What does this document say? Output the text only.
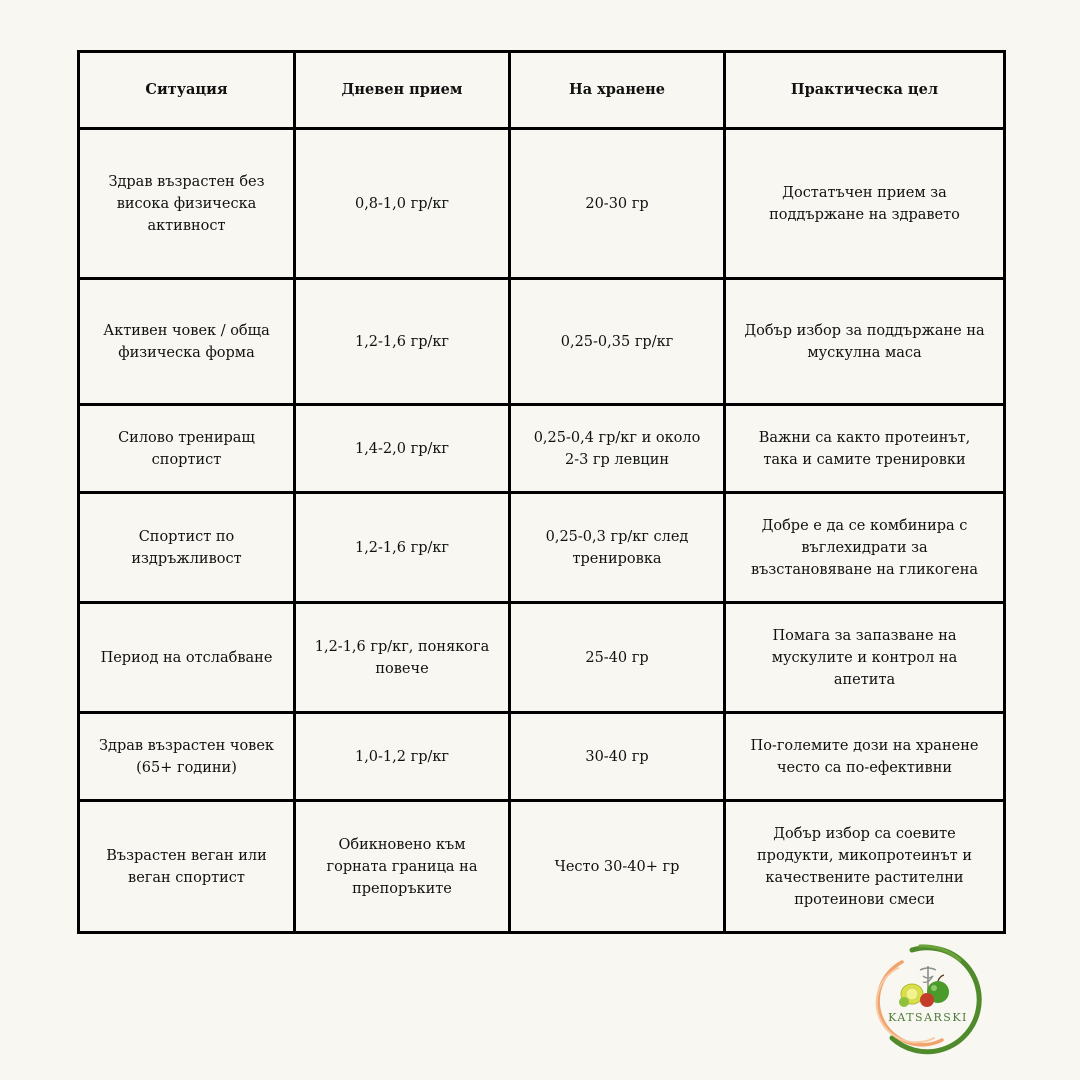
Ситуация	Дневен прием	На хранене	Практическа цел
Здрав възрастен без висока физическа активност	0,8-1,0 гр/кг	20-30 гр	Достатъчен прием за поддържане на здравето
Активен човек / обща физическа форма	1,2-1,6 гр/кг	0,25-0,35 гр/кг	Добър избор за поддържане на мускулна маса
Силово трениращ спортист	1,4-2,0 гр/кг	0,25-0,4 гр/кг и около 2-3 гр левцин	Важни са както протеинът, така и самите тренировки
Спортист по издръжливост	1,2-1,6 гр/кг	0,25-0,3 гр/кг след тренировка	Добре е да се комбинира с въглехидрати за възстановяване на гликогена
Период на отслабване	1,2-1,6 гр/кг, понякога повече	25-40 гр	Помага за запазване на мускулите и контрол на апетита
Здрав възрастен човек (65+ години)	1,0-1,2 гр/кг	30-40 гр	По-големите дози на хранене често са по-ефективни
Възрастен веган или веган спортист	Обикновено към горната граница на препоръките	Често 30-40+ гр	Добър избор са соевите продукти, микопротеинът и качествените растителни протеинови смеси
KATSARSKI
